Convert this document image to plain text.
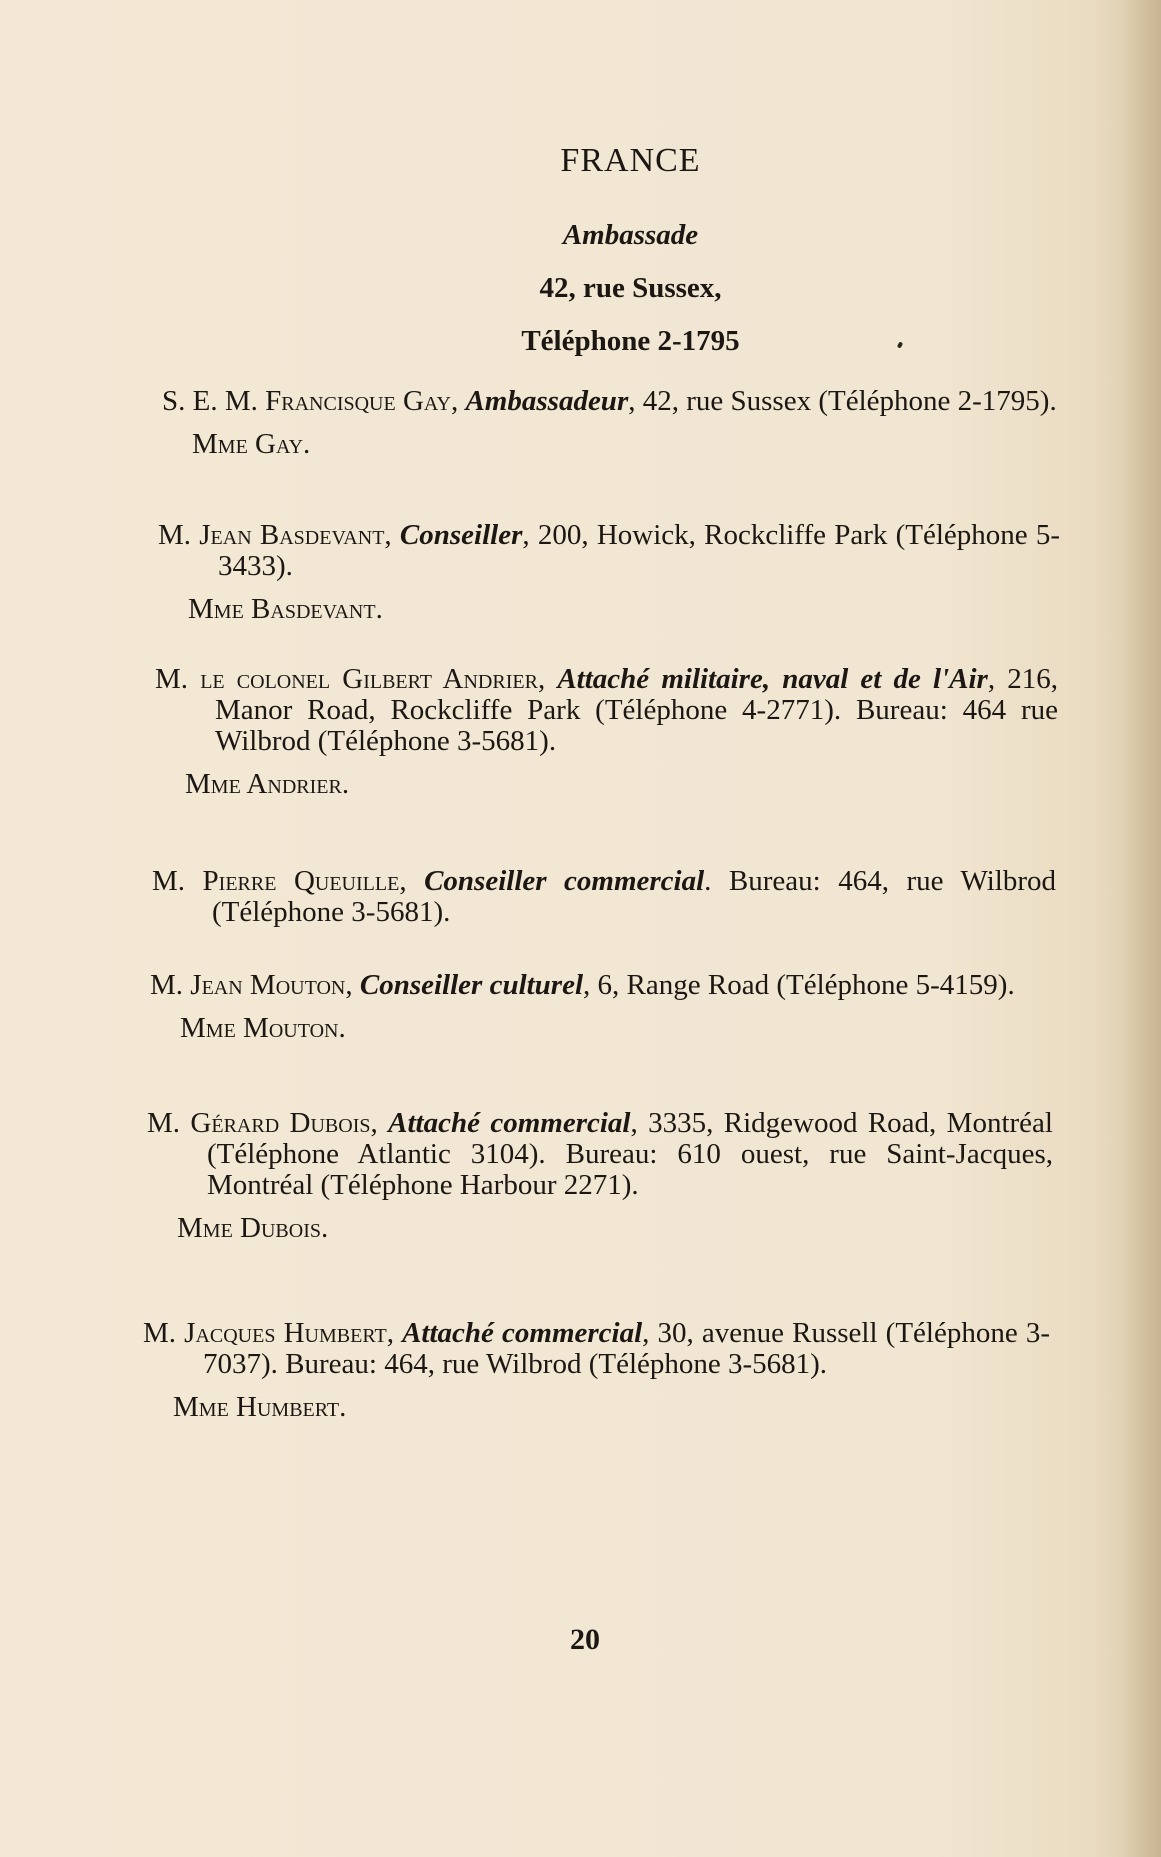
FRANCE
Ambassade
42, rue Sussex,
Téléphone 2-1795
S. E. M. Francisque Gay, Ambassadeur, 42, rue Sussex (Téléphone 2-1795).
Mme Gay.
M. Jean Basdevant, Conseiller, 200, Howick, Rockcliffe Park (Téléphone 5-3433).
Mme Basdevant.
M. le colonel Gilbert Andrier, Attaché militaire, naval et de l'Air, 216, Manor Road, Rockcliffe Park (Téléphone 4-2771). Bureau: 464 rue Wilbrod (Téléphone 3-5681).
Mme Andrier.
M. Pierre Queuille, Conseiller commercial. Bureau: 464, rue Wilbrod (Téléphone 3-5681).
M. Jean Mouton, Conseiller culturel, 6, Range Road (Téléphone 5-4159).
Mme Mouton.
M. Gérard Dubois, Attaché commercial, 3335, Ridgewood Road, Montréal (Téléphone Atlantic 3104). Bureau: 610 ouest, rue Saint-Jacques, Montréal (Téléphone Harbour 2271).
Mme Dubois.
M. Jacques Humbert, Attaché commercial, 30, avenue Russell (Téléphone 3-7037). Bureau: 464, rue Wilbrod (Téléphone 3-5681).
Mme Humbert.
20
